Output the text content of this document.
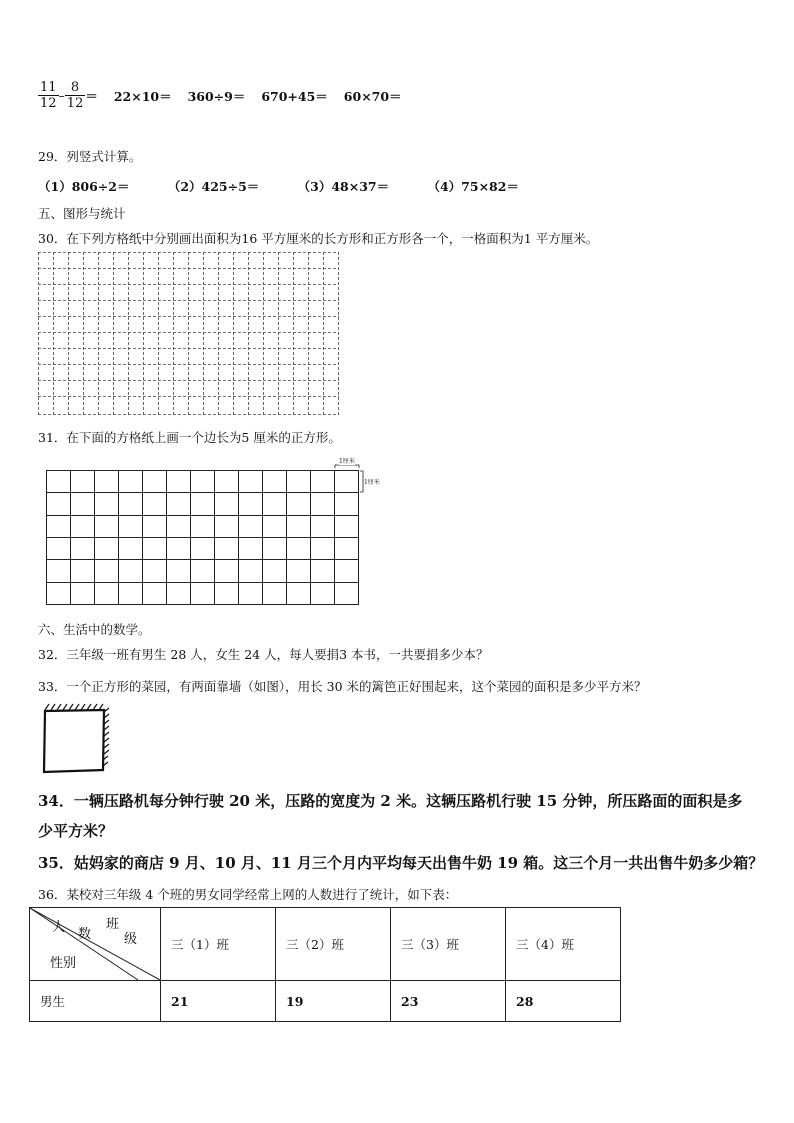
$\frac{11}{12} - \frac{8}{12} = 22\times 10= 360\div 9= 670+45= 60\times 70=$
29．列竖式计算。
（1）806÷2＝	（2）425÷5＝	（3）48×37＝	（4）75×82＝
五、图形与统计
30．在下列方格纸中分别画出面积为16 平方厘米的长方形和正方形各一个，一格面积为1 平方厘米。
31．在下面的方格纸上画一个边长为5 厘米的正方形。
1厘米
1厘米
六、生活中的数学。
32．三年级一班有男生 28 人，女生 24 人，每人要捐3 本书，一共要捐多少本？
33．一个正方形的菜园，有两面靠墙（如图），用长 30 米的篱笆正好围起来，这个菜园的面积是多少平方米？
34．一辆压路机每分钟行驶 20 米，压路的宽度为 2 米。这辆压路机行驶 15 分钟，所压路面的面积是多
少平方米？
35．姑妈家的商店 9 月、10 月、11 月三个月内平均每天出售牛奶 19 箱。这三个月一共出售牛奶多少箱？
36．某校对三年级 4 个班的男女同学经常上网的人数进行了统计，如下表：
人 数
班
级
性别	三（1）班	三（2）班	三（3）班	三（4）班
男生	21	19	23	28
